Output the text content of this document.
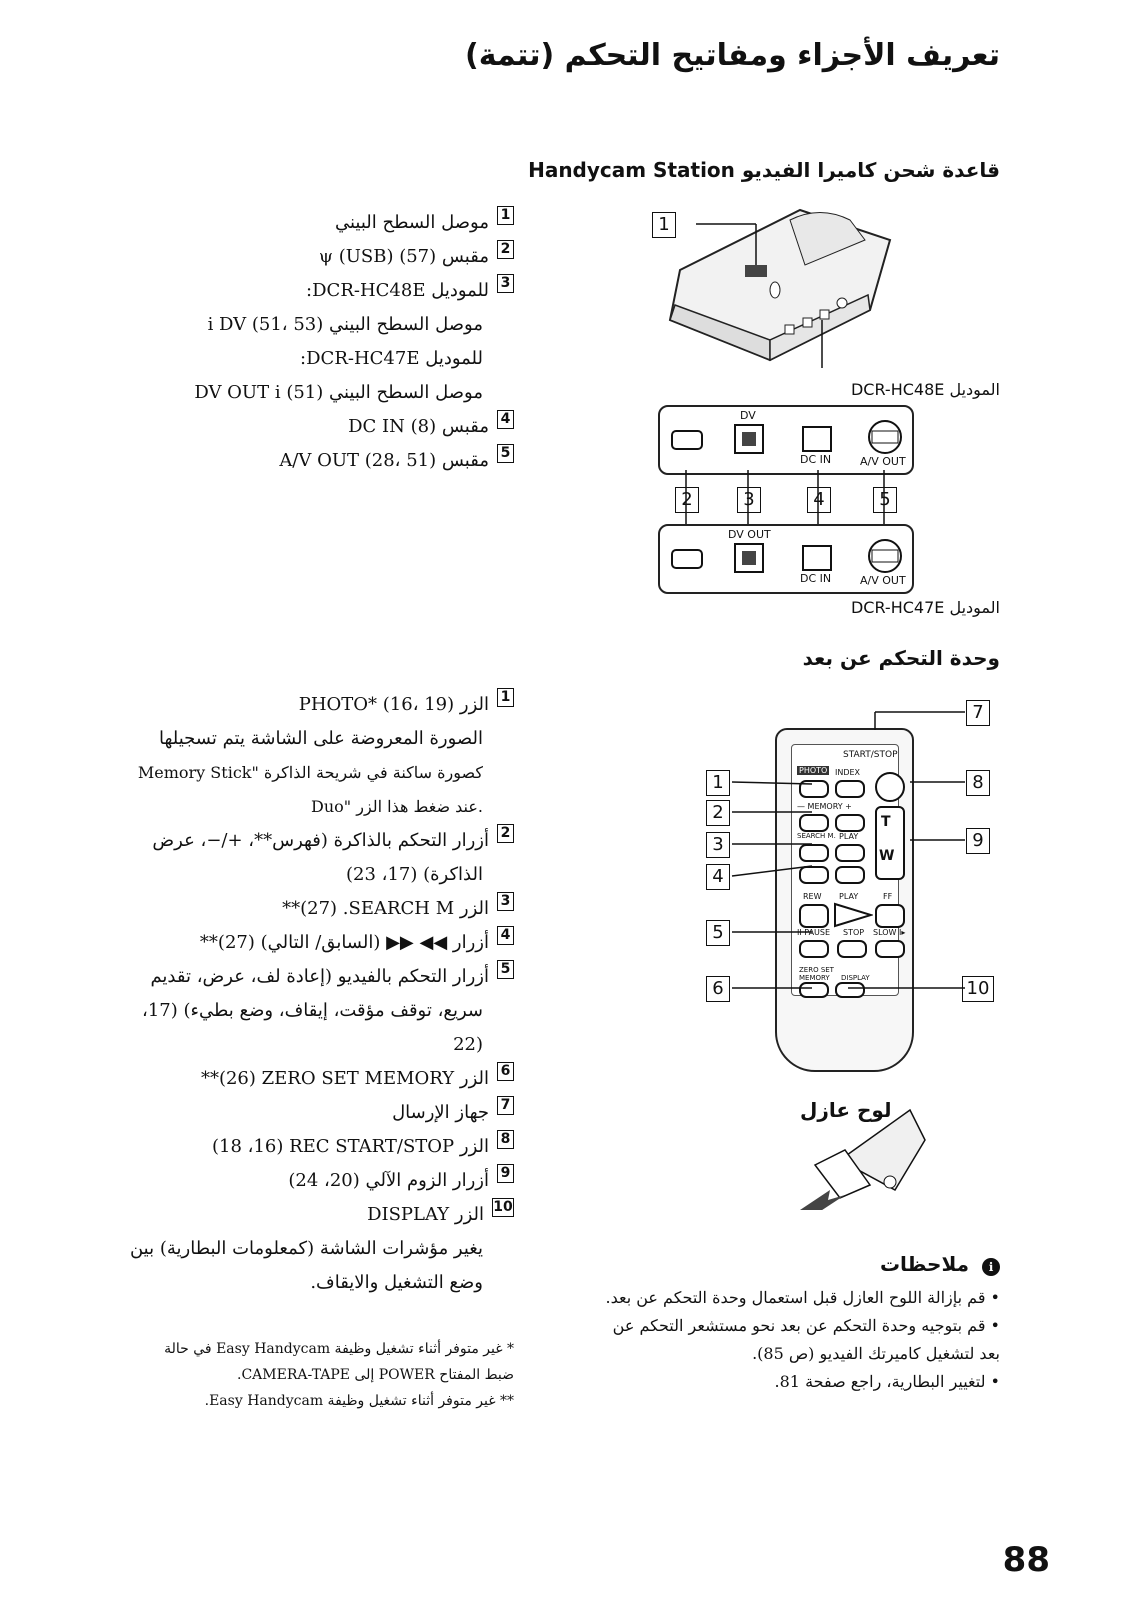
تعريف الأجزاء ومفاتيح التحكم (تتمة)
قاعدة شحن كاميرا الفيديو Handycam Station
1
موصل السطح البيني
2
مقبس ψ (USB) (57)
3
للموديل DCR-HC48E:
موصل السطح البيني i DV (51، 53)
للموديل DCR-HC47E:
موصل السطح البيني DV OUT i (51)
4
مقبس DC IN (8)
5
مقبس A/V OUT (28، 51)
1
الموديل DCR-HC48E
DV
DC IN	A/V OUT
2	3	4	5
DV OUT
DC IN	A/V OUT
الموديل DCR-HC47E
وحدة التحكم عن بعد
1
الزر PHOTO* (16، 19)
الصورة المعروضة على الشاشة يتم تسجيلها
كصورة ساكنة في شريحة الذاكرة "Memory Stick
Duo" عند ضغط هذا الزر.
2
أزرار التحكم بالذاكرة (فهرس**، +/−، عرض
الذاكرة) (17، 23)
3
الزر SEARCH M.‏ (27)**
4
أزرار ◀◀ ▶▶ (السابق/ التالي) (27)**
5
أزرار التحكم بالفيديو (إعادة لف، عرض، تقديم
سريع، توقف مؤقت، إيقاف، وضع بطيء) (17،
22)
6
الزر ZERO SET MEMORY‏ (26)**
7
جهاز الإرسال
8
الزر REC START/STOP‏ (16، 18)
9
أزرار الزوم الآلي (20، 24)
10
الزر DISPLAY
يغير مؤشرات الشاشة (كمعلومات البطارية) بين
وضع التشغيل والايقاف.
* غير متوفر أثناء تشغيل وظيفة Easy Handycam في حالة
ضبط المفتاح POWER إلى CAMERA-TAPE.
** غير متوفر أثناء تشغيل وظيفة Easy Handycam.
START/STOP
PHOTO INDEX
— MEMORY +
T
W
SEARCH M. PLAY
REW PLAY	FF
II PAUSE STOP SLOW I▸
ZERO SET MEMORY	DISPLAY
1
2
3
4
5
6
7
8
9
10
لوح عازل
ℹ ملاحظات
• قم بإزالة اللوح العازل قبل استعمال وحدة التحكم عن بعد.
• قم بتوجيه وحدة التحكم عن بعد نحو مستشعر التحكم عن بعد لتشغيل كاميرتك الفيديو (ص 85).
• لتغيير البطارية، راجع صفحة 81.
88
